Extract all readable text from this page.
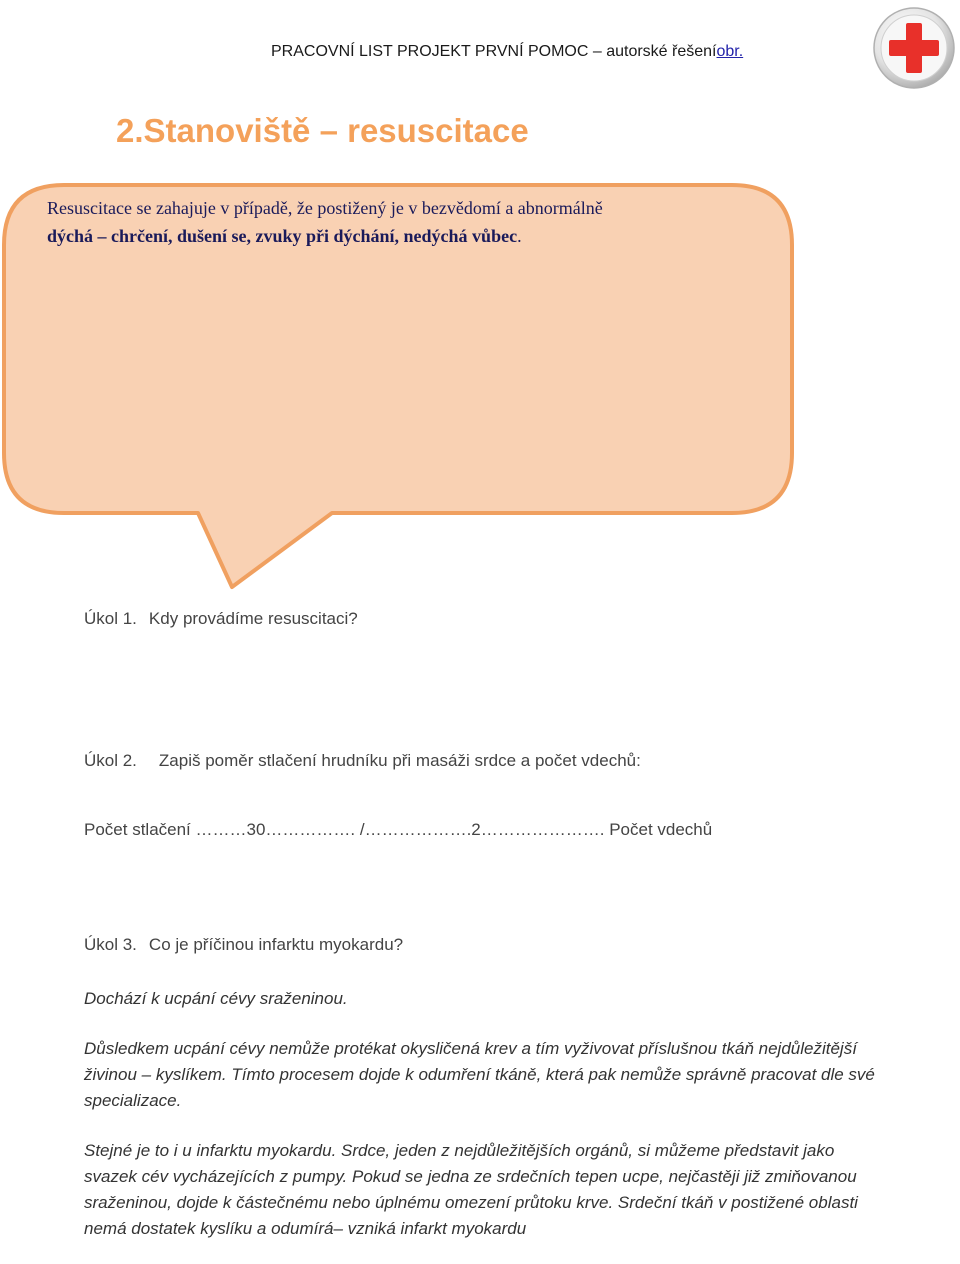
PRACOVNÍ LIST PROJEKT PRVNÍ POMOC – autorské řešeníobr.
2.Stanoviště – resuscitace
Resuscitace se zahajuje v případě, že postižený je v bezvědomí a abnormálně
dýchá – chrčení, dušení se, zvuky při dýchání, nedýchá vůbec.
Úkol 1. Kdy provádíme resuscitaci?
Úkol 2. Zapiš poměr stlačení hrudníku při masáži srdce a počet vdechů:
Počet stlačení ………30……………. /……………….2…………………. Počet vdechů
Úkol 3. Co je příčinou infarktu myokardu?
Dochází k ucpání cévy sraženinou.
Důsledkem ucpání cévy nemůže protékat okysličená krev a tím vyživovat příslušnou tkáň nejdůležitější živinou – kyslíkem. Tímto procesem dojde k odumření tkáně, která pak nemůže správně pracovat dle své specializace.
Stejné je to i u infarktu myokardu. Srdce, jeden z nejdůležitějších orgánů, si můžeme představit jako svazek cév vycházejících z pumpy. Pokud se jedna ze srdečních tepen ucpe, nejčastěji již zmiňovanou sraženinou, dojde k částečnému nebo úplnému omezení průtoku krve. Srdeční tkáň v postižené oblasti nemá dostatek kyslíku a odumírá– vzniká infarkt myokardu
